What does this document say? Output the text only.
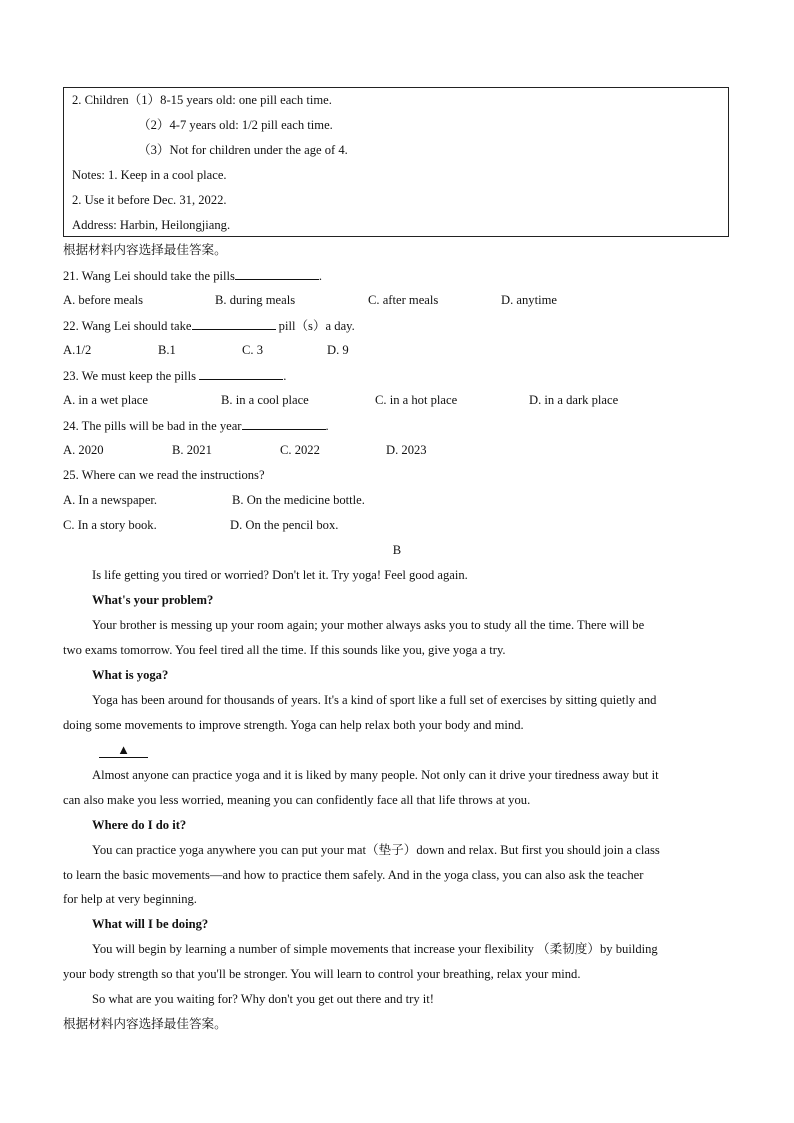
2. Children（1）8-15 years old: one pill each time.
（2）4-7 years old: 1/2 pill each time.
（3）Not for children under the age of 4.
Notes: 1. Keep in a cool place.
2. Use it before Dec. 31, 2022.
Address: Harbin, Heilongjiang.
根据材料内容选择最佳答案。
21. Wang Lei should take the pills	.
A. before meals	B. during meals	C. after meals	D. anytime
22. Wang Lei should take	pill（s）a day.
A.1/2	B.1	C. 3	D. 9
23. We must keep the pills	.
A. in a wet place	B. in a cool place	C. in a hot place	D. in a dark place
24. The pills will be bad in the year	.
A. 2020	B. 2021	C. 2022	D. 2023
25. Where can we read the instructions?
A. In a newspaper.	B. On the medicine bottle.
C. In a story book.	D. On the pencil box.
B
Is life getting you tired or worried? Don't let it. Try yoga! Feel good again.
What's your problem?
Your brother is messing up your room again; your mother always asks you to study all the time. There will be
two exams tomorrow. You feel tired all the time. If this sounds like you, give yoga a try.
What is yoga?
Yoga has been around for thousands of years. It's a kind of sport like a full set of exercises by sitting quietly and
doing some movements to improve strength. Yoga can help relax both your body and mind.
▲
Almost anyone can practice yoga and it is liked by many people. Not only can it drive your tiredness away but it
can also make you less worried, meaning you can confidently face all that life throws at you.
Where do I do it?
You can practice yoga anywhere you can put your mat（垫子）down and relax. But first you should join a class
to learn the basic movements—and how to practice them safely. And in the yoga class, you can also ask the teacher
for help at very beginning.
What will I be doing?
You will begin by learning a number of simple movements that increase your flexibility （柔韧度）by building
your body strength so that you'll be stronger. You will learn to control your breathing, relax your mind.
So what are you waiting for? Why don't you get out there and try it!
根据材料内容选择最佳答案。
